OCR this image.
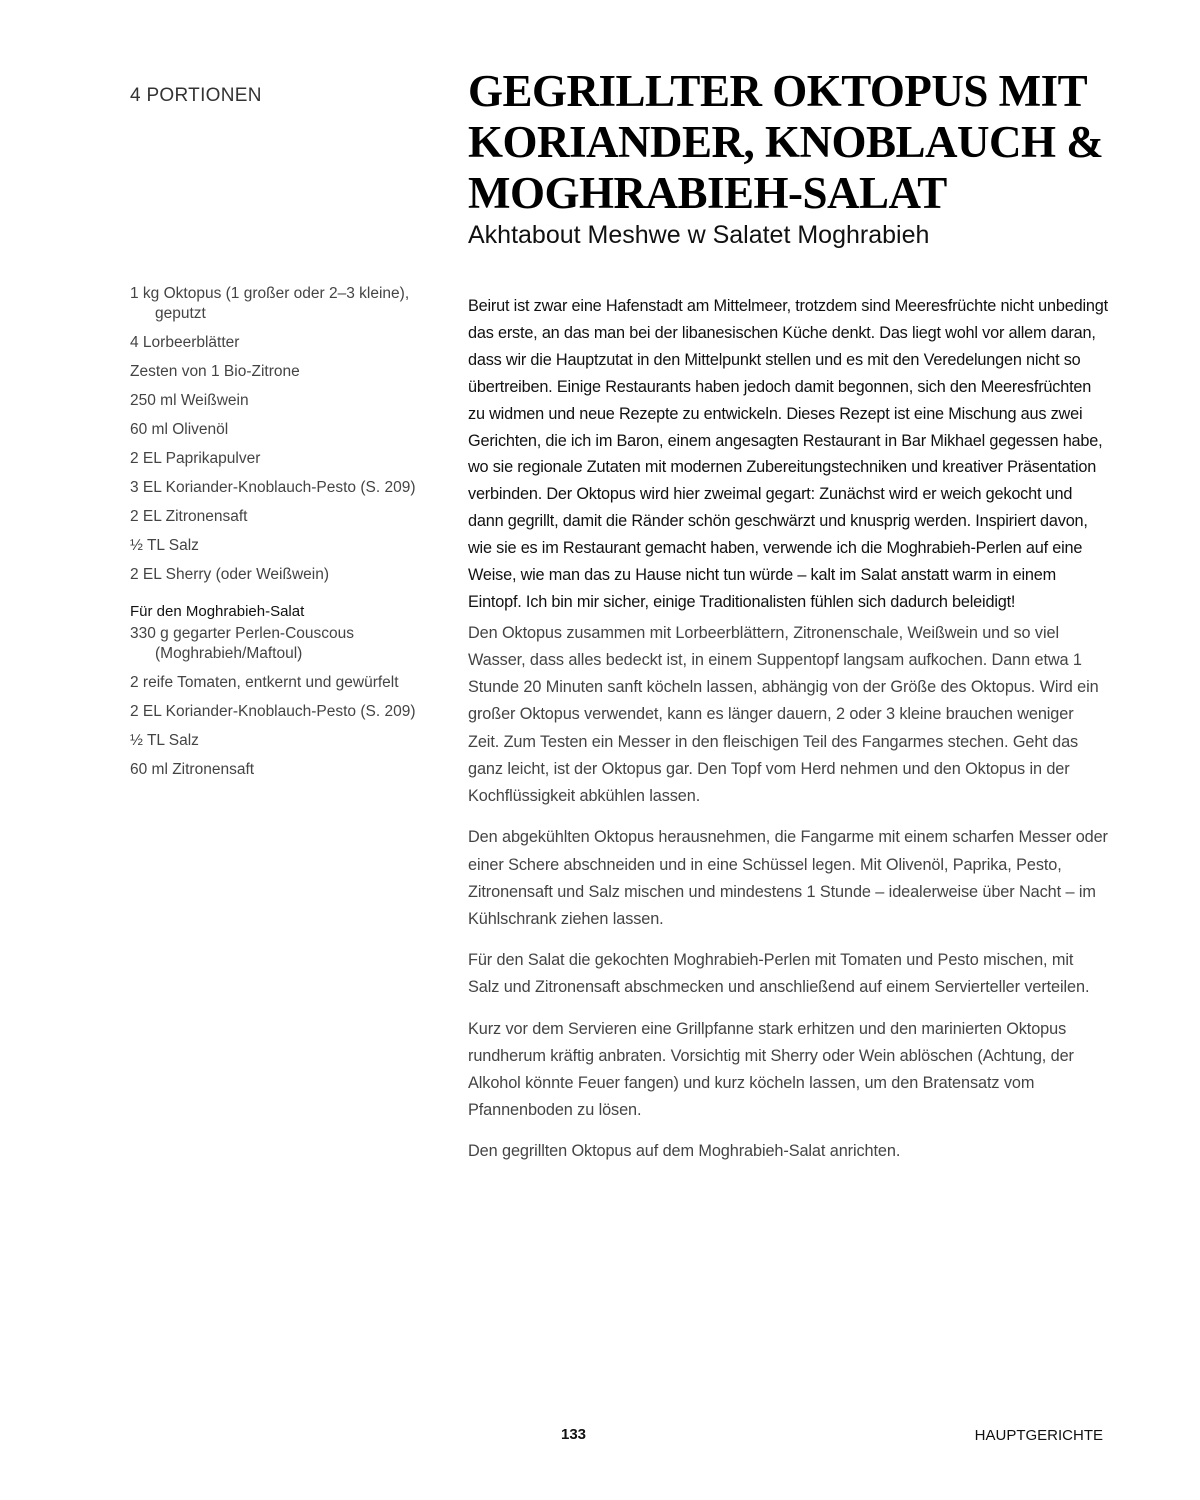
4 PORTIONEN	GEGRILLTER OKTOPUS MIT KORIANDER, KNOBLAUCH & MOGHRABIEH-SALAT
Akhtabout Meshwe w Salatet Moghrabieh

Beirut ist zwar eine Hafenstadt am Mittelmeer, trotzdem sind Meeresfrüchte nicht unbedingt das erste, an das man bei der libanesischen Küche denkt. Das liegt wohl vor allem daran, dass wir die Hauptzutat in den Mittelpunkt stellen und es mit den Veredelungen nicht so übertreiben. Einige Restaurants haben jedoch damit begonnen, sich den Meeresfrüchten zu widmen und neue Rezepte zu entwickeln. Dieses Rezept ist eine Mischung aus zwei Gerichten, die ich im Baron, einem angesagten Restaurant in Bar Mikhael gegessen habe, wo sie regionale Zutaten mit modernen Zubereitungstechniken und kreativer Präsentation verbinden. Der Oktopus wird hier zweimal gegart: Zunächst wird er weich gekocht und dann gegrillt, damit die Ränder schön geschwärzt und knusprig werden. Inspiriert davon, wie sie es im Restaurant gemacht haben, verwende ich die Moghrabieh-Perlen auf eine Weise, wie man das zu Hause nicht tun würde – kalt im Salat anstatt warm in einem Eintopf. Ich bin mir sicher, einige Traditionalisten fühlen sich dadurch beleidigt!

Den Oktopus zusammen mit Lorbeerblättern, Zitronenschale, Weißwein und so viel Wasser, dass alles bedeckt ist, in einem Suppentopf langsam aufkochen. Dann etwa 1 Stunde 20 Minuten sanft köcheln lassen, abhängig von der Größe des Oktopus. Wird ein großer Oktopus verwendet, kann es länger dauern, 2 oder 3 kleine brauchen weniger Zeit. Zum Testen ein Messer in den fleischigen Teil des Fangarmes stechen. Geht das ganz leicht, ist der Oktopus gar. Den Topf vom Herd nehmen und den Oktopus in der Kochflüssigkeit abkühlen lassen.

Den abgekühlten Oktopus herausnehmen, die Fangarme mit einem scharfen Messer oder einer Schere abschneiden und in eine Schüssel legen. Mit Olivenöl, Paprika, Pesto, Zitronensaft und Salz mischen und mindestens 1 Stunde – idealerweise über Nacht – im Kühlschrank ziehen lassen.

Für den Salat die gekochten Moghrabieh-Perlen mit Tomaten und Pesto mischen, mit Salz und Zitronensaft abschmecken und anschließend auf einem Servierteller verteilen.

Kurz vor dem Servieren eine Grillpfanne stark erhitzen und den marinierten Oktopus rundherum kräftig anbraten. Vorsichtig mit Sherry oder Wein ablöschen (Achtung, der Alkohol könnte Feuer fangen) und kurz köcheln lassen, um den Bratensatz vom Pfannenboden zu lösen.

Den gegrillten Oktopus auf dem Moghrabieh-Salat anrichten.

1 kg Oktopus (1 großer oder 2–3 kleine), geputzt

4 Lorbeerblätter

Zesten von 1 Bio-Zitrone

250 ml Weißwein

60 ml Olivenöl

2 EL Paprikapulver

3 EL Koriander-Knoblauch-Pesto (S. 209)

2 EL Zitronensaft

½ TL Salz

2 EL Sherry (oder Weißwein)

Für den Moghrabieh-Salat

330 g gegarter Perlen-Couscous (Moghrabieh/Maftoul)

2 reife Tomaten, entkernt und gewürfelt

2 EL Koriander-Knoblauch-Pesto (S. 209)

½ TL Salz

60 ml Zitronensaft

133	HAUPTGERICHTE
